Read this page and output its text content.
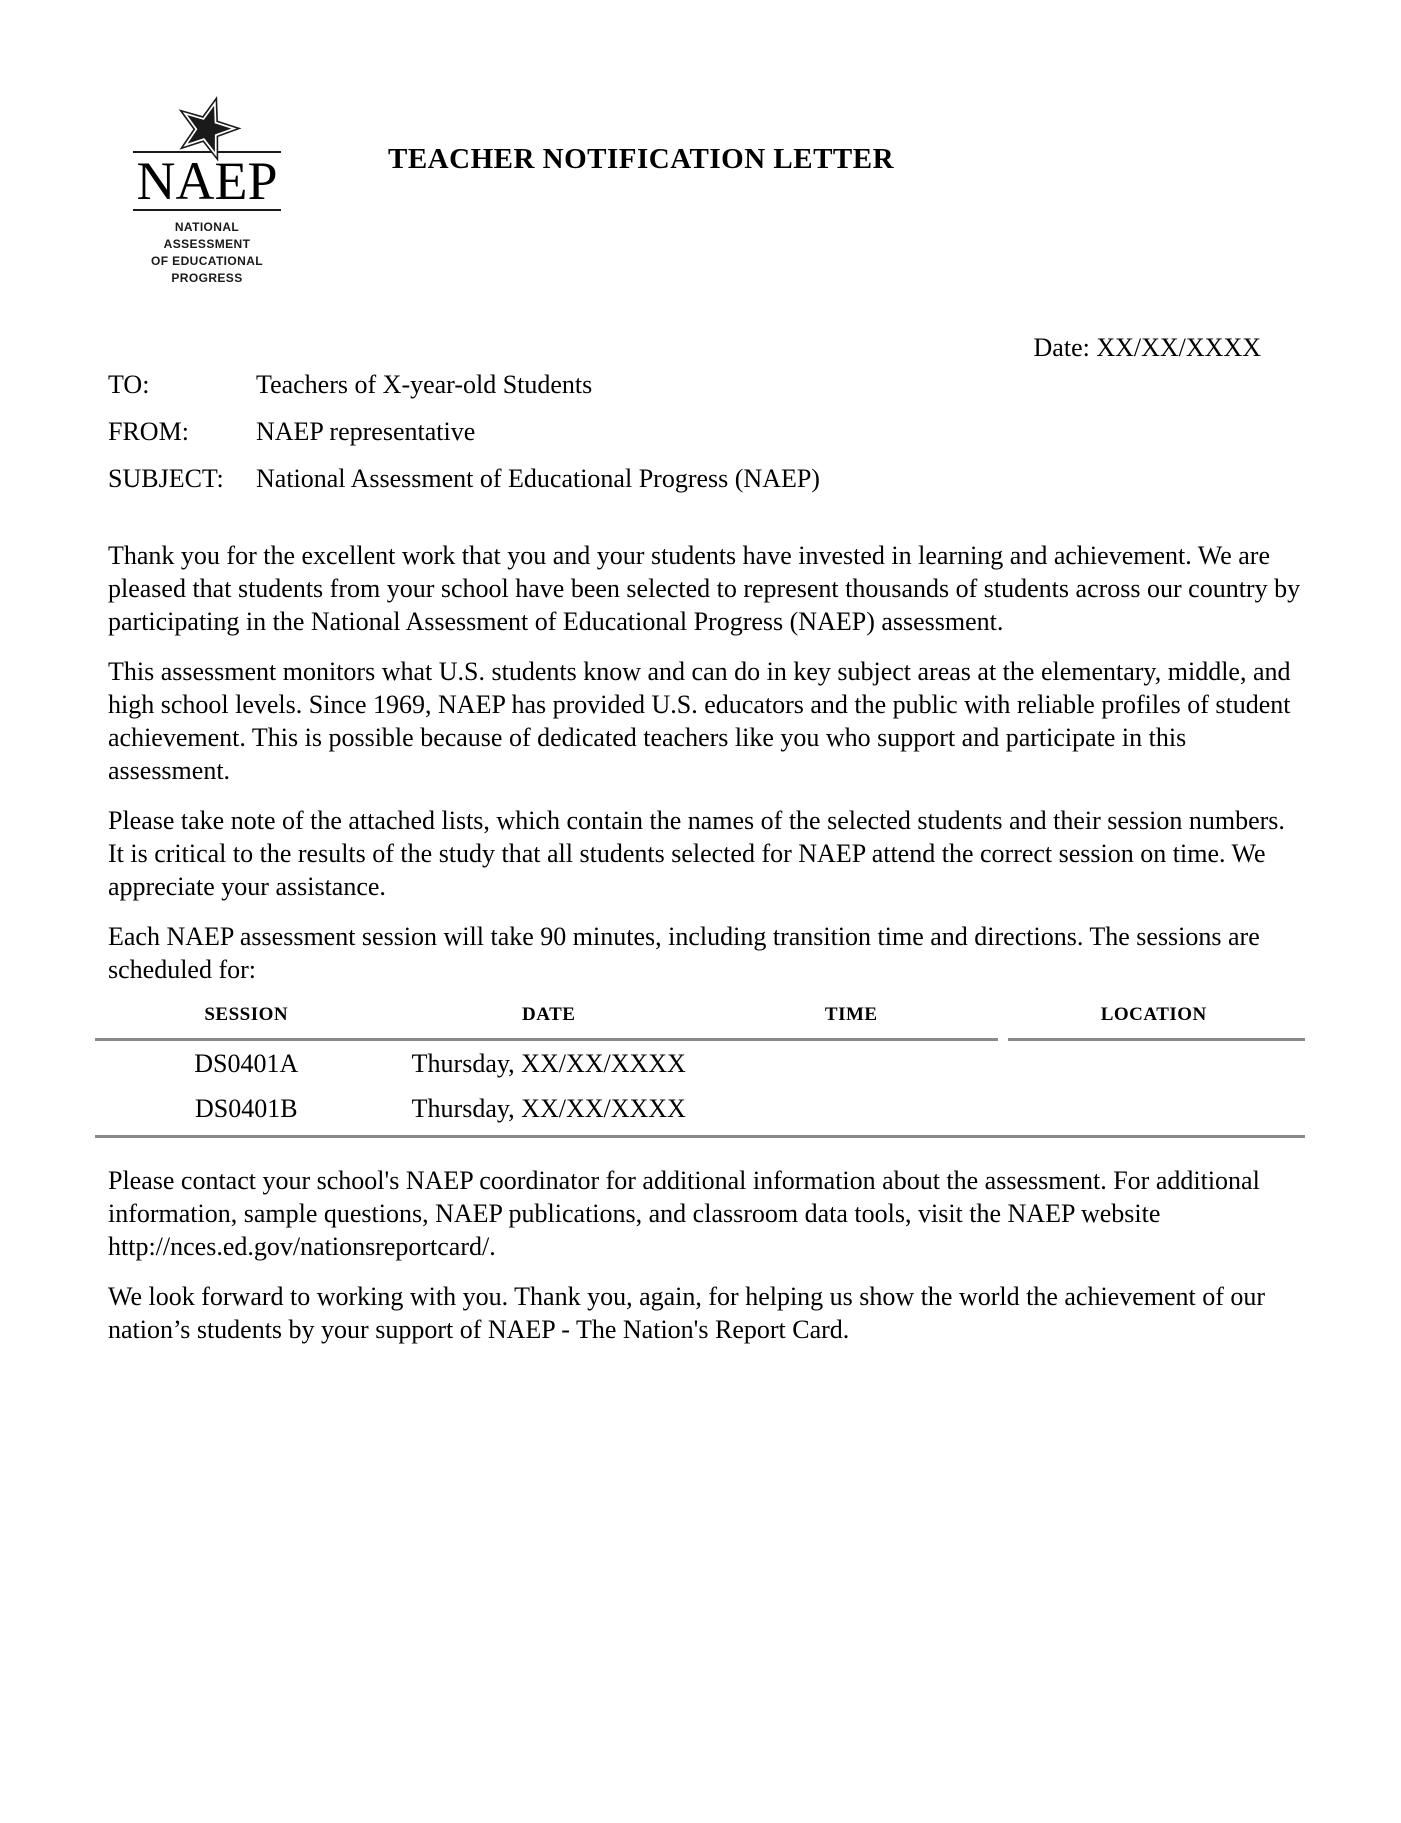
NAEP
NATIONAL ASSESSMENT
OF EDUCATIONAL
PROGRESS
TEACHER NOTIFICATION LETTER
Date: XX/XX/XXXX
TO:	Teachers of X-year-old Students
FROM:	NAEP representative
SUBJECT:	National Assessment of Educational Progress (NAEP)

Thank you for the excellent work that you and your students have invested in learning and achievement. We are pleased that students from your school have been selected to represent thousands of students across our country by participating in the National Assessment of Educational Progress (NAEP) assessment.

This assessment monitors what U.S. students know and can do in key subject areas at the elementary, middle, and high school levels. Since 1969, NAEP has provided U.S. educators and the public with reliable profiles of student achievement. This is possible because of dedicated teachers like you who support and participate in this assessment.

Please take note of the attached lists, which contain the names of the selected students and their session numbers. It is critical to the results of the study that all students selected for NAEP attend the correct session on time. We appreciate your assistance.

Each NAEP assessment session will take 90 minutes, including transition time and directions. The sessions are scheduled for:

SESSION	DATE	TIME	LOCATION
DS0401A	Thursday, XX/XX/XXXX		
DS0401B	Thursday, XX/XX/XXXX		

Please contact your school's NAEP coordinator for additional information about the assessment. For additional information, sample questions, NAEP publications, and classroom data tools, visit the NAEP website http://nces.ed.gov/nationsreportcard/.

We look forward to working with you. Thank you, again, for helping us show the world the achievement of our nation’s students by your support of NAEP - The Nation's Report Card.
